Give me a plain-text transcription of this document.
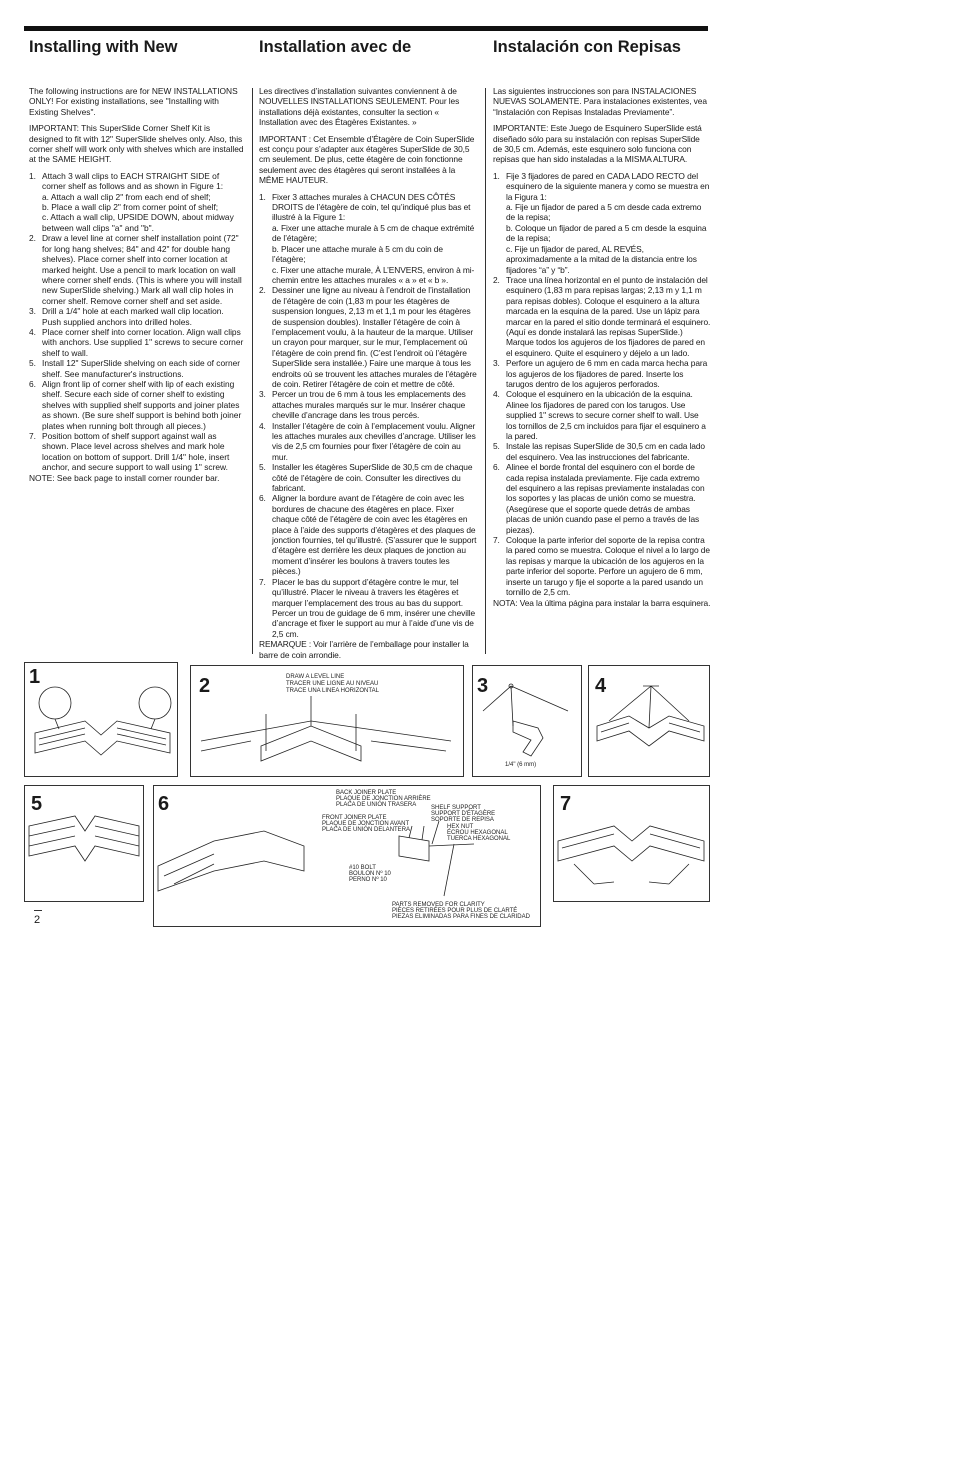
Installing with New	Installation avec de	Instalación con Repisas

The following instructions are for NEW INSTALLATIONS ONLY! For existing installations, see "Installing with Existing Shelves".

IMPORTANT: This SuperSlide Corner Shelf Kit is designed to fit with 12" SuperSlide shelves only. Also, this corner shelf will work only with shelves which are installed at the SAME HEIGHT.

1. Attach 3 wall clips to EACH STRAIGHT SIDE of corner shelf as follows and as shown in Figure 1:
a. Attach a wall clip 2" from each end of shelf;
b. Place a wall clip 2" from corner point of shelf;
c. Attach a wall clip, UPSIDE DOWN, about midway between wall clips "a" and "b".
2. Draw a level line at corner shelf installation point (72" for long hang shelves; 84" and 42" for double hang shelves). Place corner shelf into corner location at marked height. Use a pencil to mark location on wall where corner shelf ends. (This is where you will install new SuperSlide shelving.) Mark all wall clip holes in corner shelf. Remove corner shelf and set aside.
3. Drill a 1/4" hole at each marked wall clip location. Push supplied anchors into drilled holes.
4. Place corner shelf into corner location. Align wall clips with anchors. Use supplied 1" screws to secure corner shelf to wall.
5. Install 12" SuperSlide shelving on each side of corner shelf. See manufacturer's instructions.
6. Align front lip of corner shelf with lip of each existing shelf. Secure each side of corner shelf to existing shelves with supplied shelf supports and joiner plates as shown. (Be sure shelf support is behind both joiner plates when running bolt through all pieces.)
7. Position bottom of shelf support against wall as shown. Place level across shelves and mark hole location on bottom of support. Drill 1/4" hole, insert anchor, and secure support to wall using 1" screw.
NOTE: See back page to install corner rounder bar.

Les directives d’installation suivantes conviennent à de NOUVELLES INSTALLATIONS SEULEMENT. Pour les installations déjà existantes, consulter la section « Installation avec des Étagères Existantes. »

IMPORTANT : Cet Ensemble d’Étagère de Coin SuperSlide est conçu pour s’adapter aux étagères SuperSlide de 30,5 cm seulement. De plus, cette étagère de coin fonctionne seulement avec des étagères qui seront installées à la MÊME HAUTEUR.

1. Fixer 3 attaches murales à CHACUN DES CÔTÉS DROITS de l’étagère de coin, tel qu’indiqué plus bas et illustré à la Figure 1:
a. Fixer une attache murale à 5 cm de chaque extrémité de l’étagère;
b. Placer une attache murale à 5 cm du coin de l’étagère;
c. Fixer une attache murale, À L’ENVERS, environ à mi-chemin entre les attaches murales « a » et « b ».
2. Dessiner une ligne au niveau à l’endroit de l’installation de l’étagère de coin (1,83 m pour les étagères de suspension longues, 2,13 m et 1,1 m pour les étagères de suspension doubles). Installer l’étagère de coin à l’emplacement voulu, à la hauteur de la marque. Utiliser un crayon pour marquer, sur le mur, l’emplacement où l’étagère de coin prend fin. (C’est l’endroit où l’étagère SuperSlide sera installée.) Faire une marque à tous les endroits où se trouvent les attaches murales de l’étagère de coin. Retirer l’étagère de coin et mettre de côté.
3. Percer un trou de 6 mm à tous les emplacements des attaches murales marqués sur le mur. Insérer chaque cheville d’ancrage dans les trous percés.
4. Installer l’étagère de coin à l’emplacement voulu. Aligner les attaches murales aux chevilles d’ancrage. Utiliser les vis de 2,5 cm fournies pour fixer l’étagère de coin au mur.
5. Installer les étagères SuperSlide de 30,5 cm de chaque côté de l’étagère de coin. Consulter les directives du fabricant.
6. Aligner la bordure avant de l’étagère de coin avec les bordures de chacune des étagères en place. Fixer chaque côté de l’étagère de coin avec les étagères en place à l’aide des supports d’étagères et des plaques de jonction fournies, tel qu’illustré. (S’assurer que le support d’étagère est derrière les deux plaques de jonction au moment d’insérer les boulons à travers toutes les pièces.)
7. Placer le bas du support d’étagère contre le mur, tel qu’illustré. Placer le niveau à travers les étagères et marquer l’emplacement des trous au bas du support. Percer un trou de guidage de 6 mm, insérer une cheville d’ancrage et fixer le support au mur à l’aide d’une vis de 2,5 cm.
REMARQUE : Voir l’arrière de l’emballage pour installer la barre de coin arrondie.

Las siguientes instrucciones son para INSTALACIONES NUEVAS SOLAMENTE. Para instalaciones existentes, vea “Instalación con Repisas Instaladas Previamente”.

IMPORTANTE: Este Juego de Esquinero SuperSlide está diseñado sólo para su instalación con repisas SuperSlide de 30,5 cm. Además, este esquinero solo funciona con repisas que han sido instaladas a la MISMA ALTURA.

1. Fije 3 fijadores de pared en CADA LADO RECTO del esquinero de la siguiente manera y como se muestra en la Figura 1:
a. Fije un fijador de pared a 5 cm desde cada extremo de la repisa;
b. Coloque un fijador de pared a 5 cm desde la esquina de la repisa;
c. Fije un fijador de pared, AL REVÉS, aproximadamente a la mitad de la distancia entre los fijadores “a” y “b”.
2. Trace una línea horizontal en el punto de instalación del esquinero (1,83 m para repisas largas; 2,13 m y 1,1 m para repisas dobles). Coloque el esquinero a la altura marcada en la esquina de la pared. Use un lápiz para marcar en la pared el sitio donde terminará el esquinero. (Aquí es donde instalará las repisas SuperSlide.) Marque todos los agujeros de los fijadores de pared en el esquinero. Quite el esquinero y déjelo a un lado.
3. Perfore un agujero de 6 mm en cada marca hecha para los agujeros de los fijadores de pared. Inserte los tarugos dentro de los agujeros perforados.
4. Coloque el esquinero en la ubicación de la esquina. Alinee los fijadores de pared con los tarugos. Use supplied 1" screws to secure corner shelf to wall. Use los tornillos de 2,5 cm incluidos para fijar el esquinero a la pared.
5. Instale las repisas SuperSlide de 30,5 cm en cada lado del esquinero. Vea las instrucciones del fabricante.
6. Alinee el borde frontal del esquinero con el borde de cada repisa instalada previamente. Fije cada extremo del esquinero a las repisas previamente instaladas con los soportes y las placas de unión como se muestra. (Asegúrese que el soporte quede detrás de ambas placas de unión cuando pase el perno a través de las piezas).
7. Coloque la parte inferior del soporte de la repisa contra la pared como se muestra. Coloque el nivel a lo largo de las repisas y marque la ubicación de los agujeros en la parte inferior del soporte. Perfore un agujero de 6 mm, inserte un tarugo y fije el soporte a la pared usando un tornillo de 2,5 cm.
NOTA: Vea la última página para instalar la barra esquinera.
1	2	DRAW A LEVEL LINE
TRACER UNE LIGNE AU NIVEAU
TRACE UNA LINEA HORIZONTAL	3
1/4" (6 mm)
4
5	6	BACK JOINER PLATE
PLAQUE DE JONCTION ARRIÈRE
PLACA DE UNIÓN TRASERA
FRONT JOINER PLATE
PLAQUE DE JONCTION AVANT
PLACA DE UNIÓN DELANTERA
SHELF SUPPORT
SUPPORT D'ÉTAGÈRE
SOPORTE DE REPISA
HEX NUT
ÉCROU HEXAGONAL
TUERCA HEXAGONAL
#10 BOLT
BOULON Nº 10
PERNO Nº 10
PARTS REMOVED FOR CLARITY
PIÈCES RETIRÉES POUR PLUS DE CLARTÉ
PIEZAS ELIMINADAS PARA FINES DE CLARIDAD
7
2
